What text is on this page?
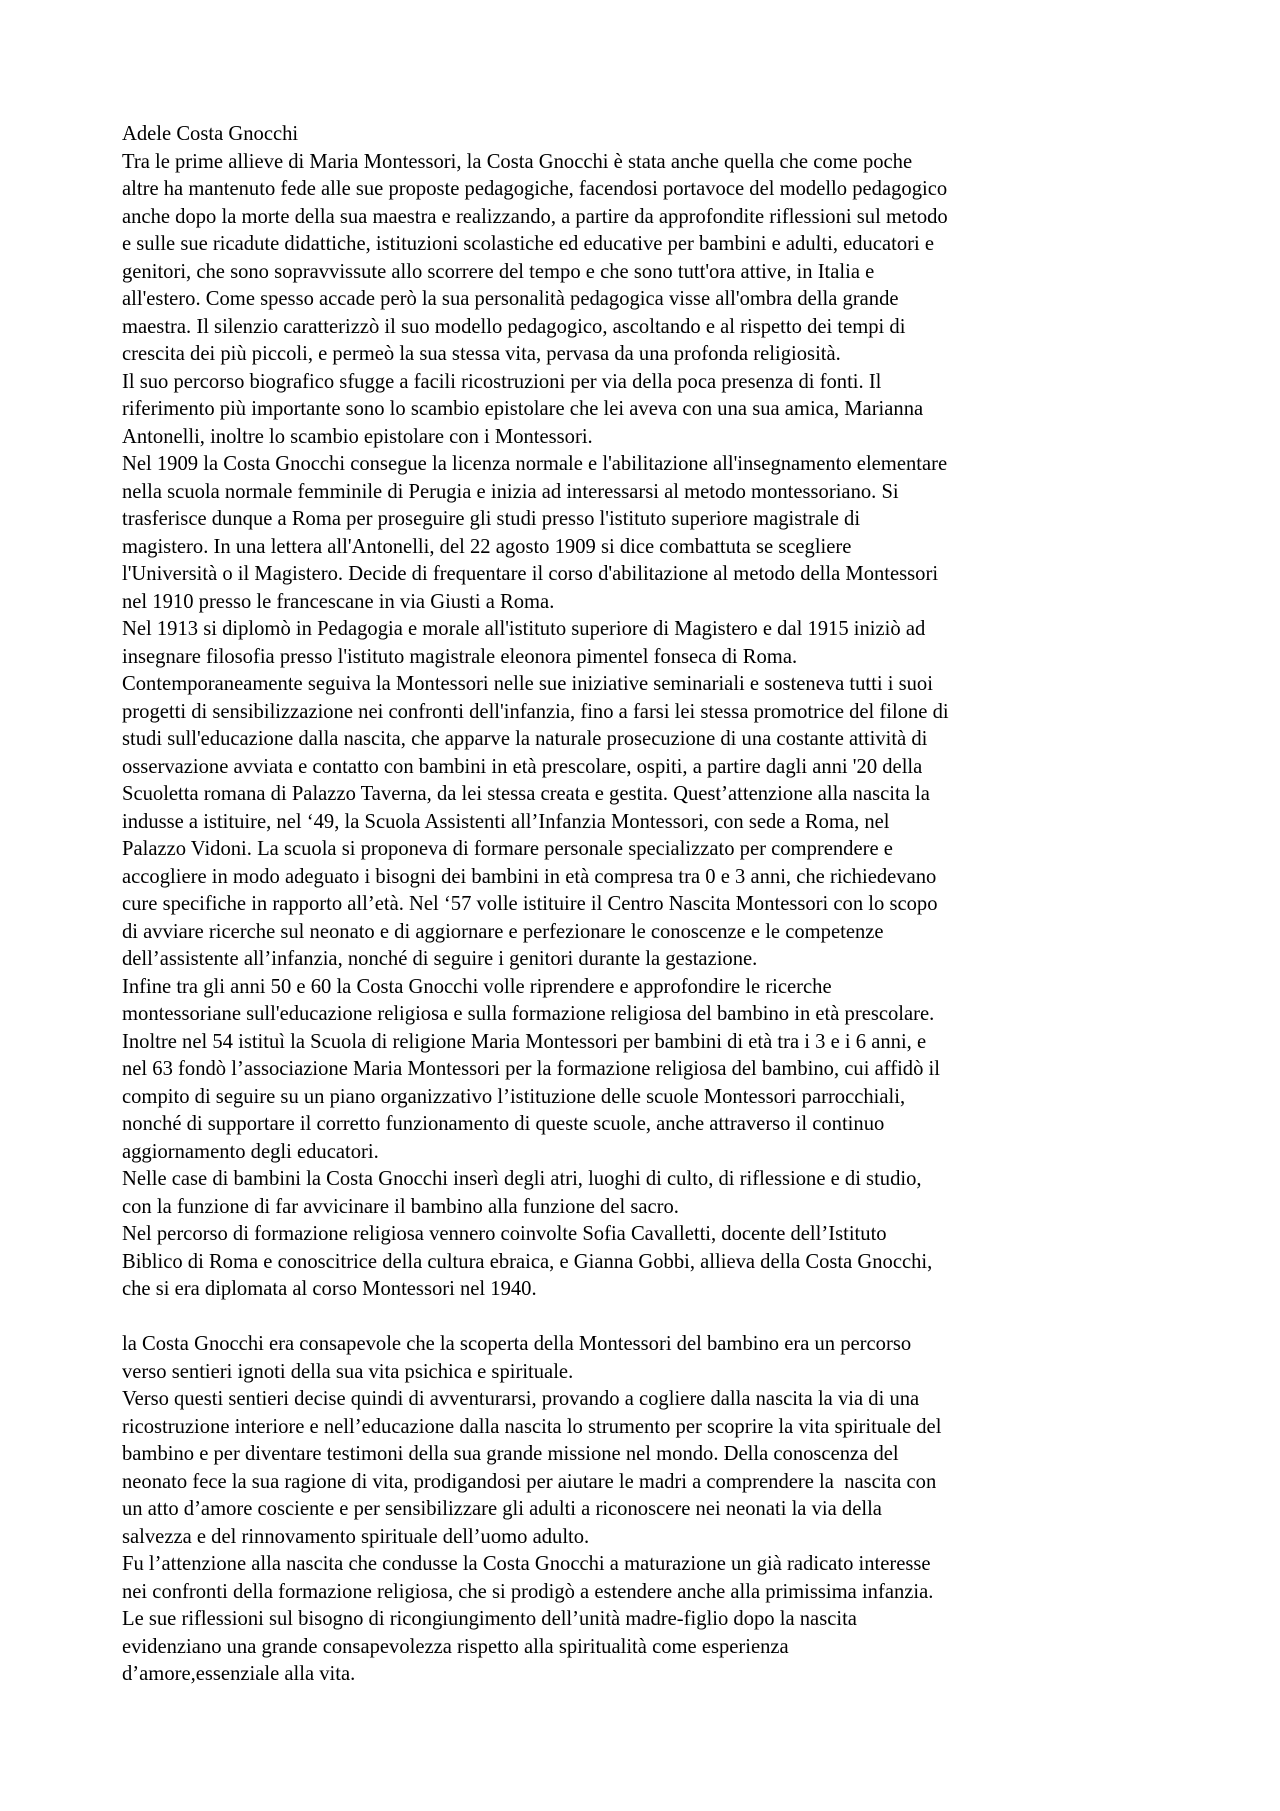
Adele Costa Gnocchi
Tra le prime allieve di Maria Montessori, la Costa Gnocchi è stata anche quella che come poche
altre ha mantenuto fede alle sue proposte pedagogiche, facendosi portavoce del modello pedagogico
anche dopo la morte della sua maestra e realizzando, a partire da approfondite riflessioni sul metodo
e sulle sue ricadute didattiche, istituzioni scolastiche ed educative per bambini e adulti, educatori e
genitori, che sono sopravvissute allo scorrere del tempo e che sono tutt'ora attive, in Italia e
all'estero. Come spesso accade però la sua personalità pedagogica visse all'ombra della grande
maestra. Il silenzio caratterizzò il suo modello pedagogico, ascoltando e al rispetto dei tempi di
crescita dei più piccoli, e permeò la sua stessa vita, pervasa da una profonda religiosità.
Il suo percorso biografico sfugge a facili ricostruzioni per via della poca presenza di fonti. Il
riferimento più importante sono lo scambio epistolare che lei aveva con una sua amica, Marianna
Antonelli, inoltre lo scambio epistolare con i Montessori.
Nel 1909 la Costa Gnocchi consegue la licenza normale e l'abilitazione all'insegnamento elementare
nella scuola normale femminile di Perugia e inizia ad interessarsi al metodo montessoriano. Si
trasferisce dunque a Roma per proseguire gli studi presso l'istituto superiore magistrale di
magistero. In una lettera all'Antonelli, del 22 agosto 1909 si dice combattuta se scegliere
l'Università o il Magistero. Decide di frequentare il corso d'abilitazione al metodo della Montessori
nel 1910 presso le francescane in via Giusti a Roma.
Nel 1913 si diplomò in Pedagogia e morale all'istituto superiore di Magistero e dal 1915 iniziò ad
insegnare filosofia presso l'istituto magistrale eleonora pimentel fonseca di Roma.
Contemporaneamente seguiva la Montessori nelle sue iniziative seminariali e sosteneva tutti i suoi
progetti di sensibilizzazione nei confronti dell'infanzia, fino a farsi lei stessa promotrice del filone di
studi sull'educazione dalla nascita, che apparve la naturale prosecuzione di una costante attività di
osservazione avviata e contatto con bambini in età prescolare, ospiti, a partire dagli anni '20 della
Scuoletta romana di Palazzo Taverna, da lei stessa creata e gestita. Quest’attenzione alla nascita la
indusse a istituire, nel ‘49, la Scuola Assistenti all’Infanzia Montessori, con sede a Roma, nel
Palazzo Vidoni. La scuola si proponeva di formare personale specializzato per comprendere e
accogliere in modo adeguato i bisogni dei bambini in età compresa tra 0 e 3 anni, che richiedevano
cure specifiche in rapporto all’età. Nel ‘57 volle istituire il Centro Nascita Montessori con lo scopo
di avviare ricerche sul neonato e di aggiornare e perfezionare le conoscenze e le competenze
dell’assistente all’infanzia, nonché di seguire i genitori durante la gestazione.
Infine tra gli anni 50 e 60 la Costa Gnocchi volle riprendere e approfondire le ricerche
montessoriane sull'educazione religiosa e sulla formazione religiosa del bambino in età prescolare.
Inoltre nel 54 istituì la Scuola di religione Maria Montessori per bambini di età tra i 3 e i 6 anni, e
nel 63 fondò l’associazione Maria Montessori per la formazione religiosa del bambino, cui affidò il
compito di seguire su un piano organizzativo l’istituzione delle scuole Montessori parrocchiali,
nonché di supportare il corretto funzionamento di queste scuole, anche attraverso il continuo
aggiornamento degli educatori.
Nelle case di bambini la Costa Gnocchi inserì degli atri, luoghi di culto, di riflessione e di studio,
con la funzione di far avvicinare il bambino alla funzione del sacro.
Nel percorso di formazione religiosa vennero coinvolte Sofia Cavalletti, docente dell’Istituto
Biblico di Roma e conoscitrice della cultura ebraica, e Gianna Gobbi, allieva della Costa Gnocchi,
che si era diplomata al corso Montessori nel 1940.
la Costa Gnocchi era consapevole che la scoperta della Montessori del bambino era un percorso
verso sentieri ignoti della sua vita psichica e spirituale.
Verso questi sentieri decise quindi di avventurarsi, provando a cogliere dalla nascita la via di una
ricostruzione interiore e nell’educazione dalla nascita lo strumento per scoprire la vita spirituale del
bambino e per diventare testimoni della sua grande missione nel mondo. Della conoscenza del
neonato fece la sua ragione di vita, prodigandosi per aiutare le madri a comprendere la  nascita con
un atto d’amore cosciente e per sensibilizzare gli adulti a riconoscere nei neonati la via della
salvezza e del rinnovamento spirituale dell’uomo adulto.
Fu l’attenzione alla nascita che condusse la Costa Gnocchi a maturazione un già radicato interesse
nei confronti della formazione religiosa, che si prodigò a estendere anche alla primissima infanzia.
Le sue riflessioni sul bisogno di ricongiungimento dell’unità madre-figlio dopo la nascita
evidenziano una grande consapevolezza rispetto alla spiritualità come esperienza
d’amore,essenziale alla vita.
